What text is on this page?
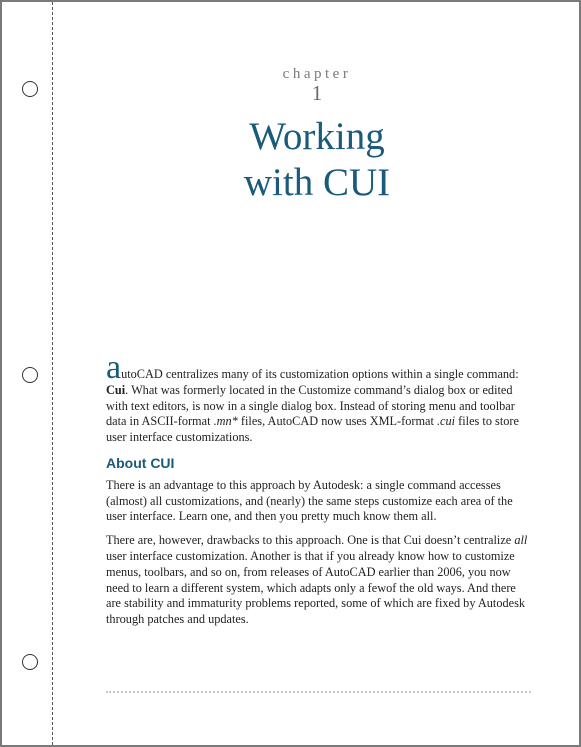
chapter
1
Working
with CUI

autoCAD centralizes many of its customization options within a single command: Cui. What was formerly located in the Customize command’s dialog box or edited with text editors, is now in a single dialog box. Instead of storing menu and toolbar data in ASCII-format .mn* files, AutoCAD now uses XML-format .cui files to store user interface customizations.

About CUI

There is an advantage to this approach by Autodesk: a single command accesses (almost) all customizations, and (nearly) the same steps customize each area of the user interface. Learn one, and then you pretty much know them all.

There are, however, drawbacks to this approach. One is that Cui doesn’t centralize all user interface customization. Another is that if you already know how to customize menus, toolbars, and so on, from releases of AutoCAD earlier than 2006, you now need to learn a different system, which adapts only a fewof the old ways. And there are stability and immaturity problems reported, some of which are fixed by Autodesk through patches and updates.
